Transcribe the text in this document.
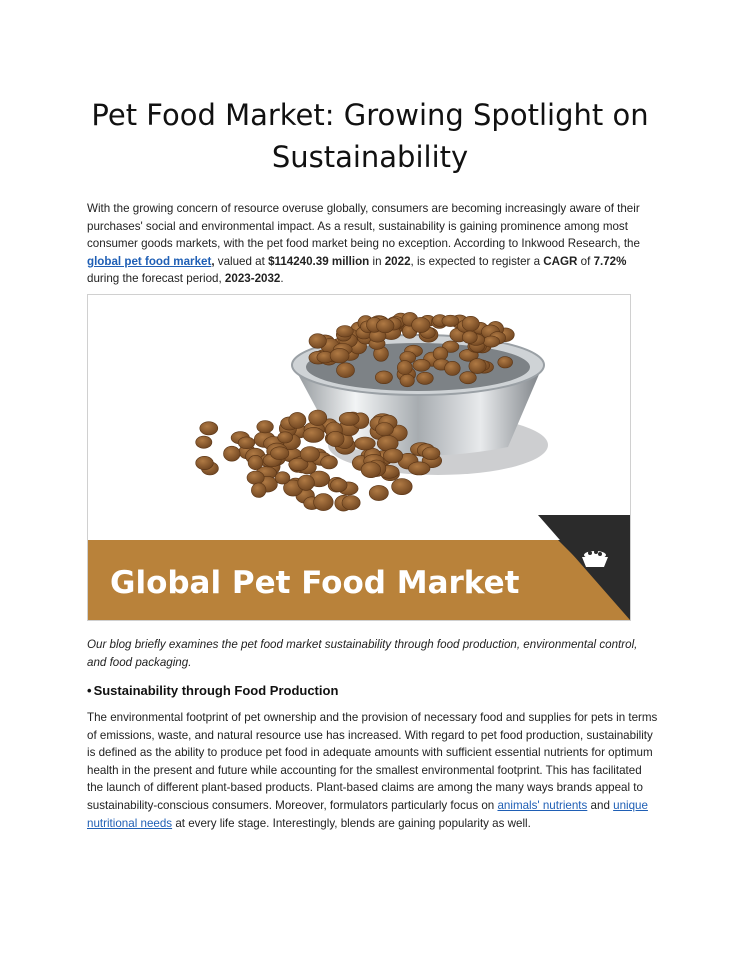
Pet Food Market: Growing Spotlight on Sustainability

With the growing concern of resource overuse globally, consumers are becoming increasingly aware of their purchases' social and environmental impact. As a result, sustainability is gaining prominence among most consumer goods markets, with the pet food market being no exception. According to Inkwood Research, the global pet food market, valued at $114240.39 million in 2022, is expected to register a CAGR of 7.72% during the forecast period, 2023-2032.

Global Pet Food Market

Our blog briefly examines the pet food market sustainability through food production, environmental control, and food packaging.

• Sustainability through Food Production

The environmental footprint of pet ownership and the provision of necessary food and supplies for pets in terms of emissions, waste, and natural resource use has increased. With regard to pet food production, sustainability is defined as the ability to produce pet food in adequate amounts with sufficient essential nutrients for optimum health in the present and future while accounting for the smallest environmental footprint. This has facilitated the launch of different plant-based products. Plant-based claims are among the many ways brands appeal to sustainability-conscious consumers. Moreover, formulators particularly focus on animals' nutrients and unique nutritional needs at every life stage. Interestingly, blends are gaining popularity as well.
